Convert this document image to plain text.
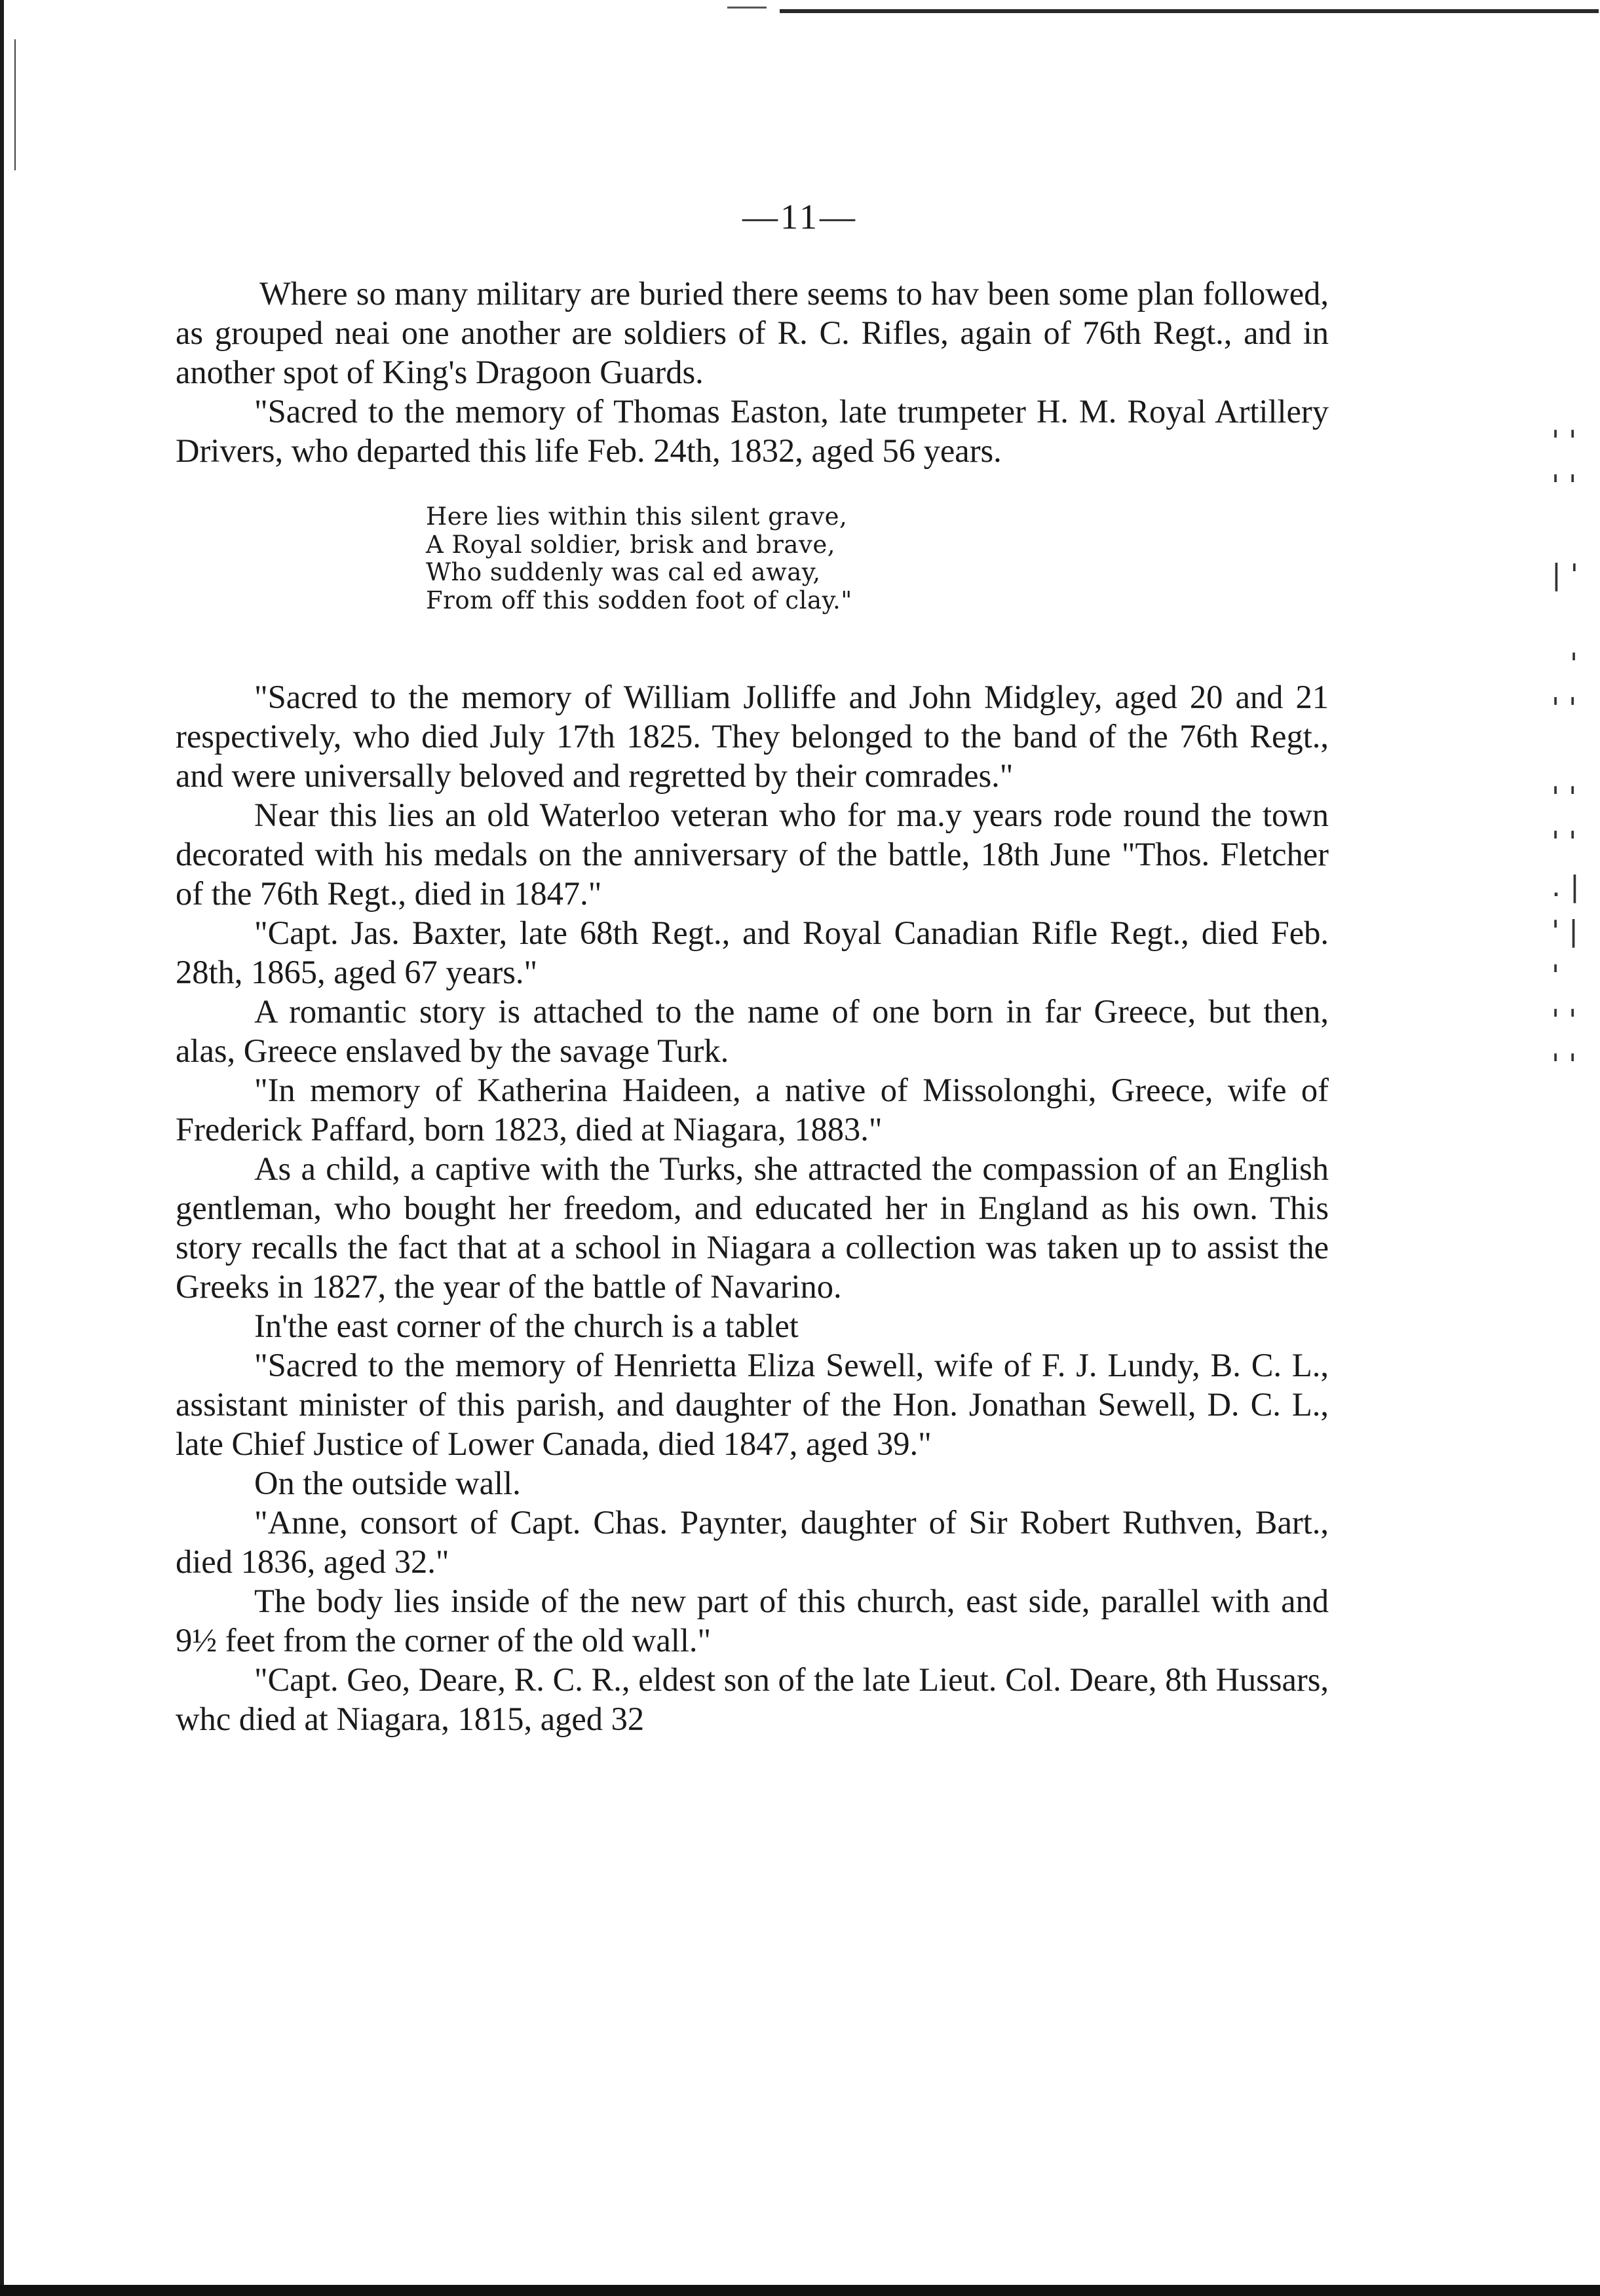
' '
' '

| '

'
' '

' '
' '
. |
' |
'
' '
' '
—11—

Where so many military are buried there seems to hav been some plan followed, as grouped neai one another are soldiers of R. C. Rifles, again of 76th Regt., and in another spot of King's Dragoon Guards.

"Sacred to the memory of Thomas Easton, late trumpeter H. M. Royal Artillery Drivers, who departed this life Feb. 24th, 1832, aged 56 years.

Here lies within this silent grave,
A Royal soldier, brisk and brave,
Who suddenly was cal ed away,
From off this sodden foot of clay."

"Sacred to the memory of William Jolliffe and John Midgley, aged 20 and 21 respectively, who died July 17th 1825. They belonged to the band of the 76th Regt., and were universally beloved and regretted by their comrades."

Near this lies an old Waterloo veteran who for ma.y years rode round the town decorated with his medals on the anniversary of the battle, 18th June "Thos. Fletcher of the 76th Regt., died in 1847."

"Capt. Jas. Baxter, late 68th Regt., and Royal Canadian Rifle Regt., died Feb. 28th, 1865, aged 67 years."

A romantic story is attached to the name of one born in far Greece, but then, alas, Greece enslaved by the savage Turk.

"In memory of Katherina Haideen, a native of Missolonghi, Greece, wife of Frederick Paffard, born 1823, died at Niagara, 1883."

As a child, a captive with the Turks, she attracted the compassion of an English gentleman, who bought her freedom, and educated her in England as his own. This story recalls the fact that at a school in Niagara a collection was taken up to assist the Greeks in 1827, the year of the battle of Navarino.

In'the east corner of the church is a tablet

"Sacred to the memory of Henrietta Eliza Sewell, wife of F. J. Lundy, B. C. L., assistant minister of this parish, and daughter of the Hon. Jonathan Sewell, D. C. L., late Chief Justice of Lower Canada, died 1847, aged 39."

On the outside wall.

"Anne, consort of Capt. Chas. Paynter, daughter of Sir Robert Ruthven, Bart., died 1836, aged 32."

The body lies inside of the new part of this church, east side, parallel with and 9½ feet from the corner of the old wall."

"Capt. Geo, Deare, R. C. R., eldest son of the late Lieut. Col. Deare, 8th Hussars, whc died at Niagara, 1815, aged 32
